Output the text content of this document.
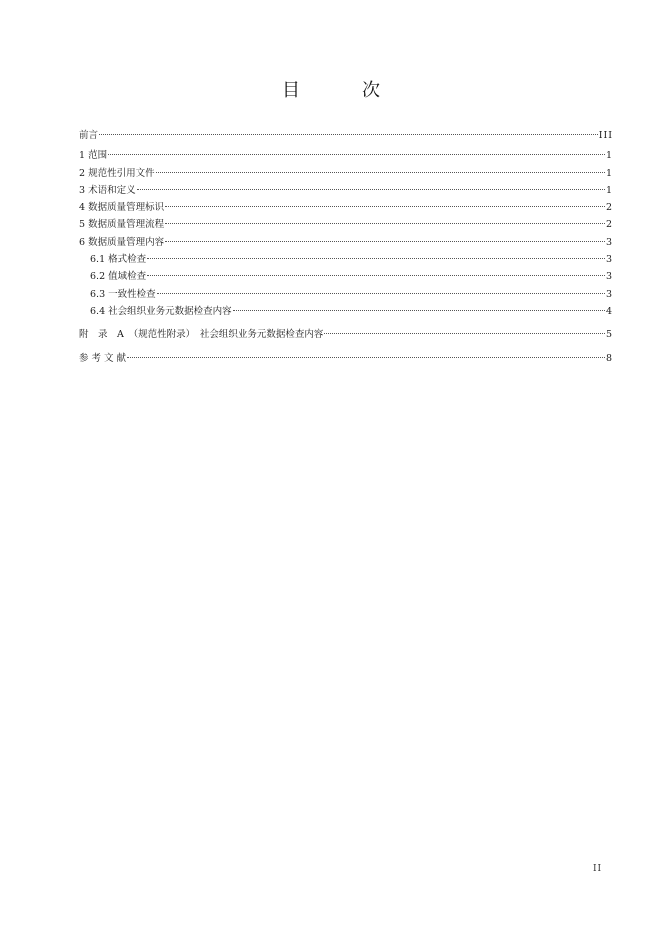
目　次
前言	III
1 范围	1
2 规范性引用文件	1
3 术语和定义	1
4 数据质量管理标识	2
5 数据质量管理流程	2
6 数据质量管理内容	3
6.1 格式检查	3
6.2 值域检查	3
6.3 一致性检查	3
6.4 社会组织业务元数据检查内容	4
附　录　A　（规范性附录）　社会组织业务元数据检查内容	5
参 考 文 献	8
II
